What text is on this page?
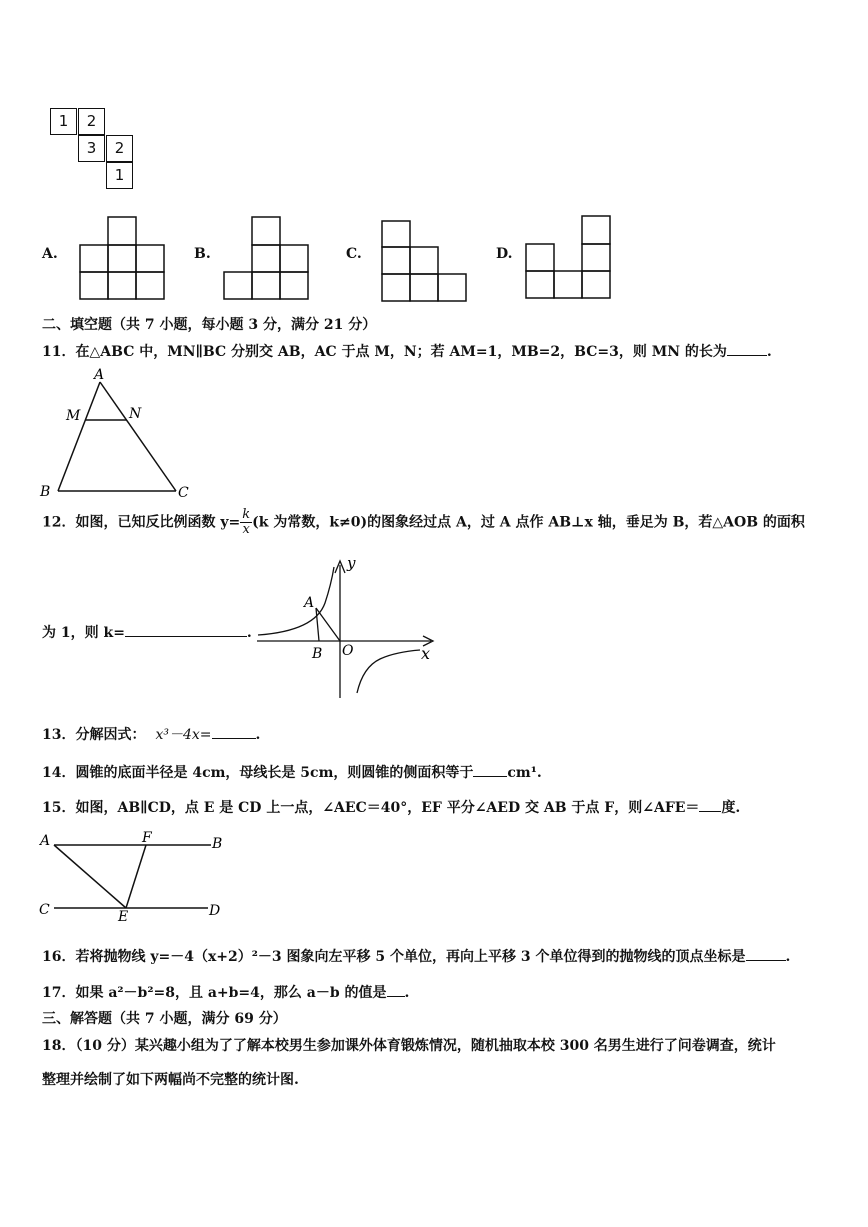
1	2
3	2
1
A.	B.	C.	D.
二、填空题（共 7 小题，每小题 3 分，满分 21 分）
11．在△ABC 中，MN∥BC 分别交 AB，AC 于点 M，N；若 AM=1，MB=2，BC=3，则 MN 的长为	.
A
M	N
B	C
12．如图，已知反比例函数 $y= \frac{k}{x} (k$ 为常数，k≠0)的图象经过点 A，过 A 点作 AB⊥x 轴，垂足为 B，若△AOB 的面积
为 1，则 k=	.
y
A
B O	x
13．分解因式： x³－4x=	.
14．圆锥的底面半径是 4cm，母线长是 5cm，则圆锥的侧面积等于 cm¹.
15．如图，AB∥CD，点 E 是 CD 上一点，∠AEC＝40°，EF 平分∠AED 交 AB 于点 F，则∠AFE＝ 度.
A	F	B
C	E	D
16．若将抛物线 y=－4（x+2）²－3 图象向左平移 5 个单位，再向上平移 3 个单位得到的抛物线的顶点坐标是	.
17．如果 a²－b²=8，且 a+b=4，那么 a－b 的值是 .
三、解答题（共 7 小题，满分 69 分）
18．（10 分）某兴趣小组为了了解本校男生参加课外体育锻炼情况，随机抽取本校 300 名男生进行了问卷调查，统计
整理并绘制了如下两幅尚不完整的统计图.
